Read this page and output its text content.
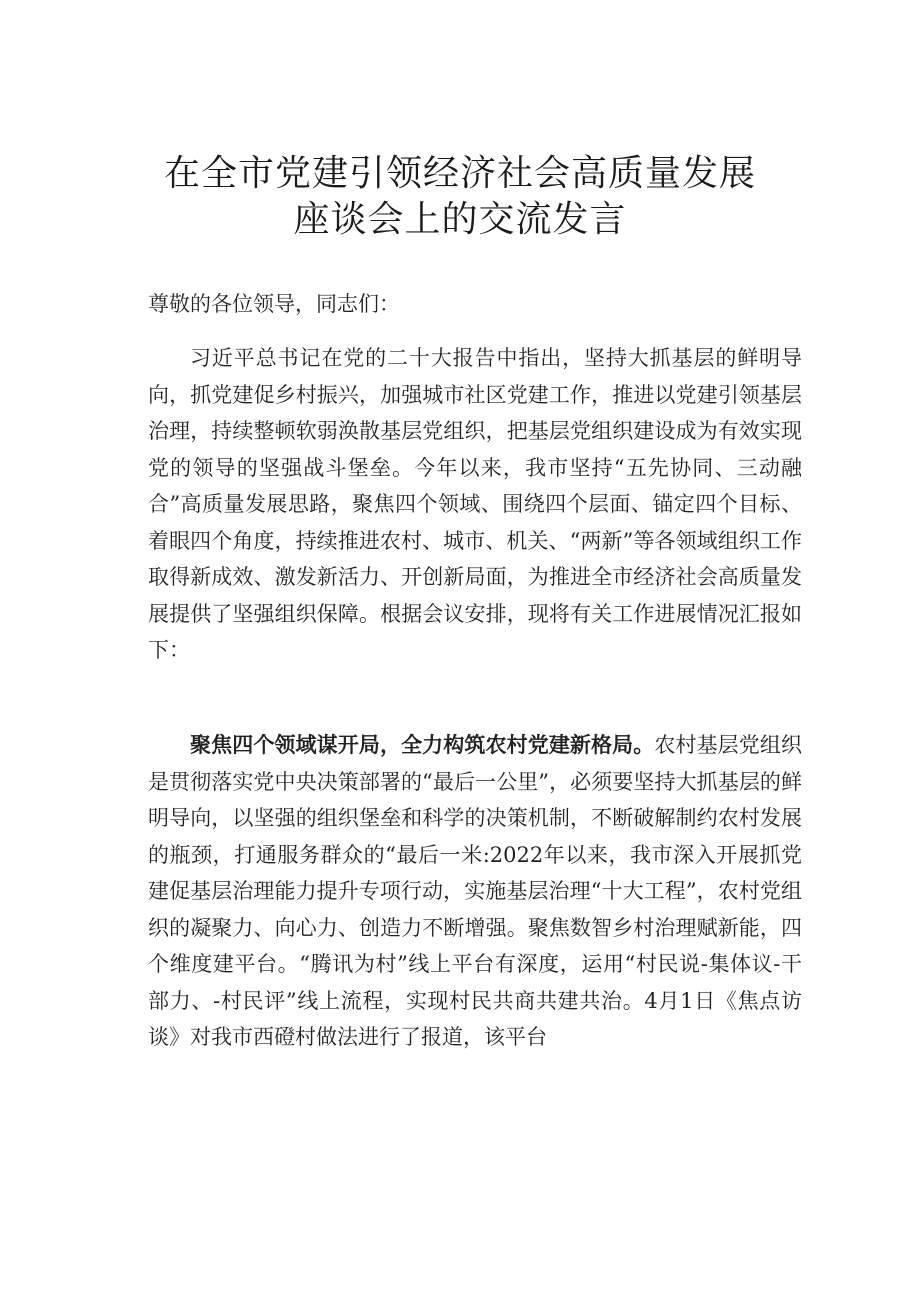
在全市党建引领经济社会高质量发展
座谈会上的交流发言

尊敬的各位领导，同志们：

习近平总书记在党的二十大报告中指出，坚持大抓基层的鲜明导向，抓党建促乡村振兴，加强城市社区党建工作，推进以党建引领基层治理，持续整顿软弱涣散基层党组织，把基层党组织建设成为有效实现党的领导的坚强战斗堡垒。今年以来，我市坚持“五先协同、三动融合”高质量发展思路，聚焦四个领域、围绕四个层面、锚定四个目标、着眼四个角度，持续推进农村、城市、机关、“两新”等各领域组织工作取得新成效、激发新活力、开创新局面，为推进全市经济社会高质量发展提供了坚强组织保障。根据会议安排，现将有关工作进展情况汇报如下：

聚焦四个领域谋开局，全力构筑农村党建新格局。农村基层党组织是贯彻落实党中央决策部署的“最后一公里”，必须要坚持大抓基层的鲜明导向，以坚强的组织堡垒和科学的决策机制，不断破解制约农村发展的瓶颈，打通服务群众的“最后一米:2022年以来，我市深入开展抓党建促基层治理能力提升专项行动，实施基层治理“十大工程”，农村党组织的凝聚力、向心力、创造力不断增强。聚焦数智乡村治理赋新能，四个维度建平台。“腾讯为村”线上平台有深度，运用“村民说-集体议-干部力、-村民评”线上流程，实现村民共商共建共治。4月1日《焦点访谈》对我市西磴村做法进行了报道，该平台
